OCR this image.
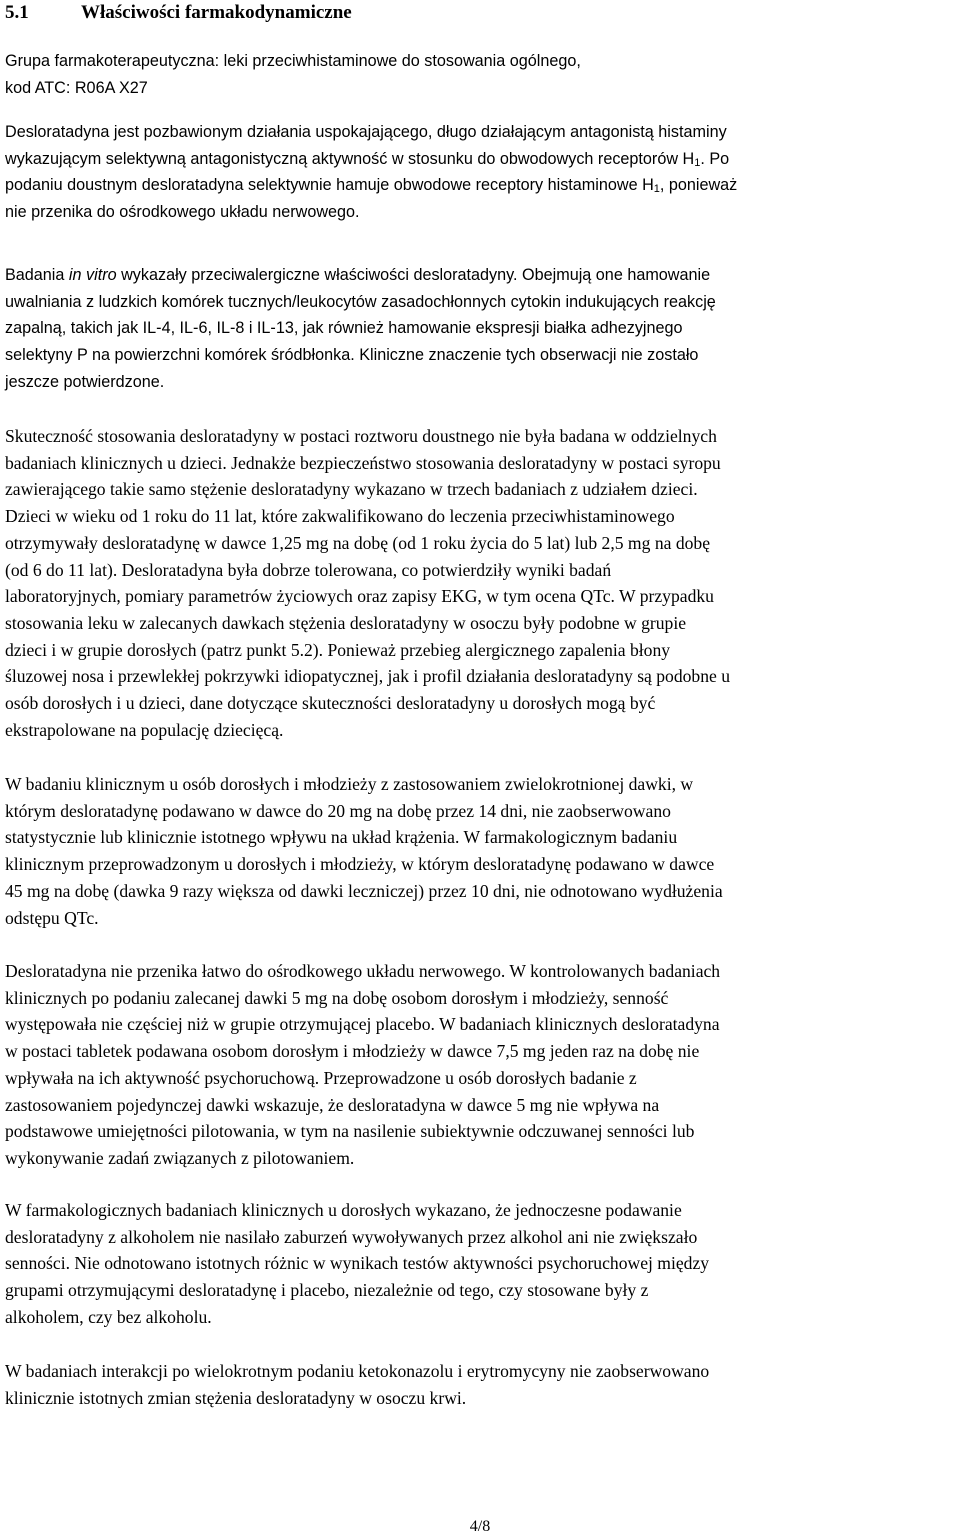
5.1	Właściwości farmakodynamiczne
Grupa farmakoterapeutyczna: leki przeciwhistaminowe do stosowania ogólnego,
kod ATC: R06A X27
Desloratadyna jest pozbawionym działania uspokajającego, długo działającym antagonistą histaminy
wykazującym selektywną antagonistyczną aktywność w stosunku do obwodowych receptorów $H_1$. Po
podaniu doustnym desloratadyna selektywnie hamuje obwodowe receptory histaminowe $H_1$, ponieważ
nie przenika do ośrodkowego układu nerwowego.
Badania in vitro wykazały przeciwalergiczne właściwości desloratadyny. Obejmują one hamowanie
uwalniania z ludzkich komórek tucznych/leukocytów zasadochłonnych cytokin indukujących reakcję
zapalną, takich jak IL-4, IL-6, IL-8 i IL-13, jak również hamowanie ekspresji białka adhezyjnego
selektyny P na powierzchni komórek śródbłonka. Kliniczne znaczenie tych obserwacji nie zostało
jeszcze potwierdzone.
Skuteczność stosowania desloratadyny w postaci roztworu doustnego nie była badana w oddzielnych
badaniach klinicznych u dzieci. Jednakże bezpieczeństwo stosowania desloratadyny w postaci syropu
zawierającego takie samo stężenie desloratadyny wykazano w trzech badaniach z udziałem dzieci.
Dzieci w wieku od 1 roku do 11 lat, które zakwalifikowano do leczenia przeciwhistaminowego
otrzymywały desloratadynę w dawce 1,25 mg na dobę (od 1 roku życia do 5 lat) lub 2,5 mg na dobę
(od 6 do 11 lat). Desloratadyna była dobrze tolerowana, co potwierdziły wyniki badań
laboratoryjnych, pomiary parametrów życiowych oraz zapisy EKG, w tym ocena QTc. W przypadku
stosowania leku w zalecanych dawkach stężenia desloratadyny w osoczu były podobne w grupie
dzieci i w grupie dorosłych (patrz punkt 5.2). Ponieważ przebieg alergicznego zapalenia błony
śluzowej nosa i przewlekłej pokrzywki idiopatycznej, jak i profil działania desloratadyny są podobne u
osób dorosłych i u dzieci, dane dotyczące skuteczności desloratadyny u dorosłych mogą być
ekstrapolowane na populację dziecięcą.
W badaniu klinicznym u osób dorosłych i młodzieży z zastosowaniem zwielokrotnionej dawki, w
którym desloratadynę podawano w dawce do 20 mg na dobę przez 14 dni, nie zaobserwowano
statystycznie lub klinicznie istotnego wpływu na układ krążenia. W farmakologicznym badaniu
klinicznym przeprowadzonym u dorosłych i młodzieży, w którym desloratadynę podawano w dawce
45 mg na dobę (dawka 9 razy większa od dawki leczniczej) przez 10 dni, nie odnotowano wydłużenia
odstępu QTc.
Desloratadyna nie przenika łatwo do ośrodkowego układu nerwowego. W kontrolowanych badaniach
klinicznych po podaniu zalecanej dawki 5 mg na dobę osobom dorosłym i młodzieży, senność
występowała nie częściej niż w grupie otrzymującej placebo. W badaniach klinicznych desloratadyna
w postaci tabletek podawana osobom dorosłym i młodzieży w dawce 7,5 mg jeden raz na dobę nie
wpływała na ich aktywność psychoruchową. Przeprowadzone u osób dorosłych badanie z
zastosowaniem pojedynczej dawki wskazuje, że desloratadyna w dawce 5 mg nie wpływa na
podstawowe umiejętności pilotowania, w tym na nasilenie subiektywnie odczuwanej senności lub
wykonywanie zadań związanych z pilotowaniem.
W farmakologicznych badaniach klinicznych u dorosłych wykazano, że jednoczesne podawanie
desloratadyny z alkoholem nie nasilało zaburzeń wywoływanych przez alkohol ani nie zwiększało
senności. Nie odnotowano istotnych różnic w wynikach testów aktywności psychoruchowej między
grupami otrzymującymi desloratadynę i placebo, niezależnie od tego, czy stosowane były z
alkoholem, czy bez alkoholu.
W badaniach interakcji po wielokrotnym podaniu ketokonazolu i erytromycyny nie zaobserwowano
klinicznie istotnych zmian stężenia desloratadyny w osoczu krwi.
4/8
